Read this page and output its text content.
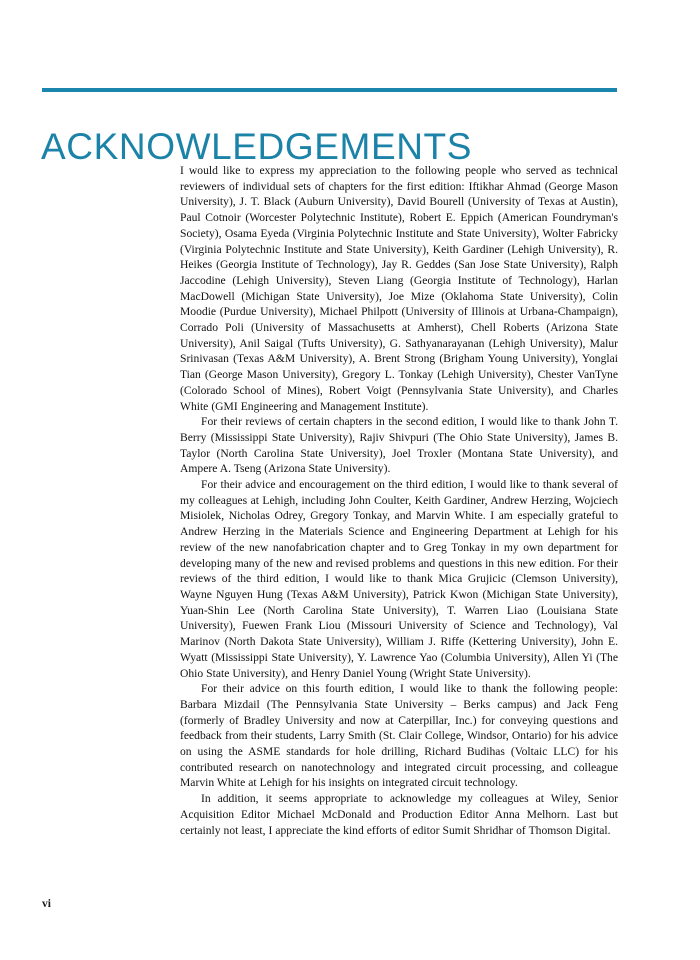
ACKNOWLEDGEMENTS

I would like to express my appreciation to the following people who served as technical reviewers of individual sets of chapters for the first edition: Iftikhar Ahmad (George Mason University), J. T. Black (Auburn University), David Bourell (University of Texas at Austin), Paul Cotnoir (Worcester Polytechnic Institute), Robert E. Eppich (American Foundryman's Society), Osama Eyeda (Virginia Polytechnic Institute and State University), Wolter Fabricky (Virginia Polytechnic Institute and State University), Keith Gardiner (Lehigh University), R. Heikes (Georgia Institute of Technology), Jay R. Geddes (San Jose State University), Ralph Jaccodine (Lehigh University), Steven Liang (Georgia Institute of Technology), Harlan MacDowell (Michigan State University), Joe Mize (Oklahoma State University), Colin Moodie (Purdue University), Michael Philpott (University of Illinois at Urbana-Champaign), Corrado Poli (University of Massachusetts at Amherst), Chell Roberts (Arizona State University), Anil Saigal (Tufts University), G. Sathyanarayanan (Lehigh University), Malur Srinivasan (Texas A&M University), A. Brent Strong (Brigham Young University), Yonglai Tian (George Mason University), Gregory L. Tonkay (Lehigh University), Chester VanTyne (Colorado School of Mines), Robert Voigt (Pennsylvania State University), and Charles White (GMI Engineering and Management Institute).

For their reviews of certain chapters in the second edition, I would like to thank John T. Berry (Mississippi State University), Rajiv Shivpuri (The Ohio State University), James B. Taylor (North Carolina State University), Joel Troxler (Montana State University), and Ampere A. Tseng (Arizona State University).

For their advice and encouragement on the third edition, I would like to thank several of my colleagues at Lehigh, including John Coulter, Keith Gardiner, Andrew Herzing, Wojciech Misiolek, Nicholas Odrey, Gregory Tonkay, and Marvin White. I am especially grateful to Andrew Herzing in the Materials Science and Engineering Department at Lehigh for his review of the new nanofabrication chapter and to Greg Tonkay in my own department for developing many of the new and revised problems and questions in this new edition. For their reviews of the third edition, I would like to thank Mica Grujicic (Clemson University), Wayne Nguyen Hung (Texas A&M University), Patrick Kwon (Michigan State University), Yuan-Shin Lee (North Carolina State University), T. Warren Liao (Louisiana State University), Fuewen Frank Liou (Missouri University of Science and Technology), Val Marinov (North Dakota State University), William J. Riffe (Kettering University), John E. Wyatt (Mississippi State University), Y. Lawrence Yao (Columbia University), Allen Yi (The Ohio State University), and Henry Daniel Young (Wright State University).

For their advice on this fourth edition, I would like to thank the following people: Barbara Mizdail (The Pennsylvania State University – Berks campus) and Jack Feng (formerly of Bradley University and now at Caterpillar, Inc.) for conveying questions and feedback from their students, Larry Smith (St. Clair College, Windsor, Ontario) for his advice on using the ASME standards for hole drilling, Richard Budihas (Voltaic LLC) for his contributed research on nanotechnology and integrated circuit processing, and colleague Marvin White at Lehigh for his insights on integrated circuit technology.

In addition, it seems appropriate to acknowledge my colleagues at Wiley, Senior Acquisition Editor Michael McDonald and Production Editor Anna Melhorn. Last but certainly not least, I appreciate the kind efforts of editor Sumit Shridhar of Thomson Digital.

vi
